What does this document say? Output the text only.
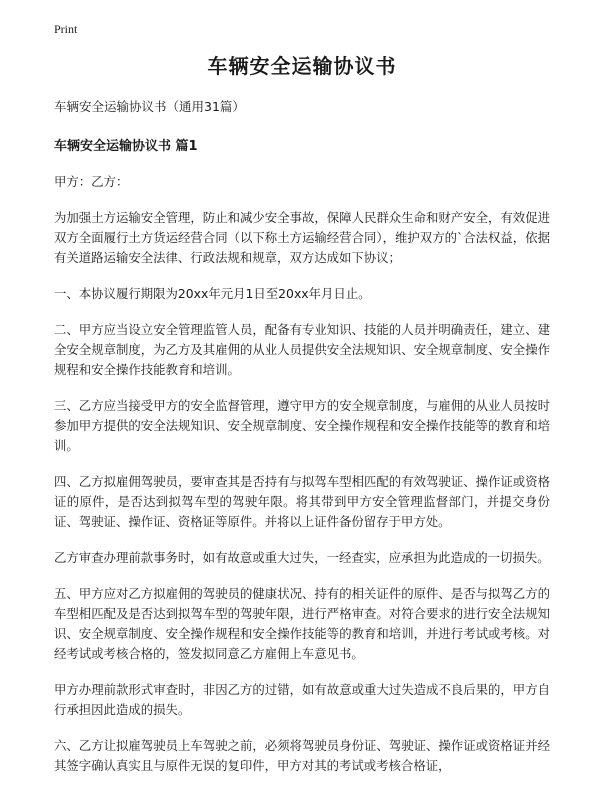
Print
车辆安全运输协议书
车辆安全运输协议书（通用31篇）
车辆安全运输协议书 篇1

甲方：乙方：

为加强土方运输安全管理，防止和减少安全事故，保障人民群众生命和财产安全，有效促进双方全面履行土方货运经营合同（以下称土方运输经营合同），维护双方的`合法权益，依据有关道路运输安全法律、行政法规和规章，双方达成如下协议；

一、本协议履行期限为20xx年元月1日至20xx年月日止。

二、甲方应当设立安全管理监管人员，配备有专业知识、技能的人员并明确责任，建立、建全安全规章制度，为乙方及其雇佣的从业人员提供安全法规知识、安全规章制度、安全操作规程和安全操作技能教育和培训。

三、乙方应当接受甲方的安全监督管理，遵守甲方的安全规章制度，与雇佣的从业人员按时参加甲方提供的安全法规知识、安全规章制度、安全操作规程和安全操作技能等的教育和培训。

四、乙方拟雇佣驾驶员，要审查其是否持有与拟驾车型相匹配的有效驾驶证、操作证或资格证的原件，是否达到拟驾车型的驾驶年限。将其带到甲方安全管理监督部门，并提交身份证、驾驶证、操作证、资格证等原件。并将以上证件备份留存于甲方处。

乙方审查办理前款事务时，如有故意或重大过失，一经查实，应承担为此造成的一切损失。

五、甲方应对乙方拟雇佣的驾驶员的健康状况、持有的相关证件的原件、是否与拟驾乙方的车型相匹配及是否达到拟驾车型的驾驶年限，进行严格审查。对符合要求的进行安全法规知识、安全规章制度、安全操作规程和安全操作技能等的教育和培训，并进行考试或考核。对经考试或考核合格的，签发拟同意乙方雇佣上车意见书。

甲方办理前款形式审查时，非因乙方的过错，如有故意或重大过失造成不良后果的，甲方自行承担因此造成的损失。

六、乙方让拟雇驾驶员上车驾驶之前，必须将驾驶员身份证、驾驶证、操作证或资格证并经其签字确认真实且与原件无误的复印件，甲方对其的考试或考核合格证，
